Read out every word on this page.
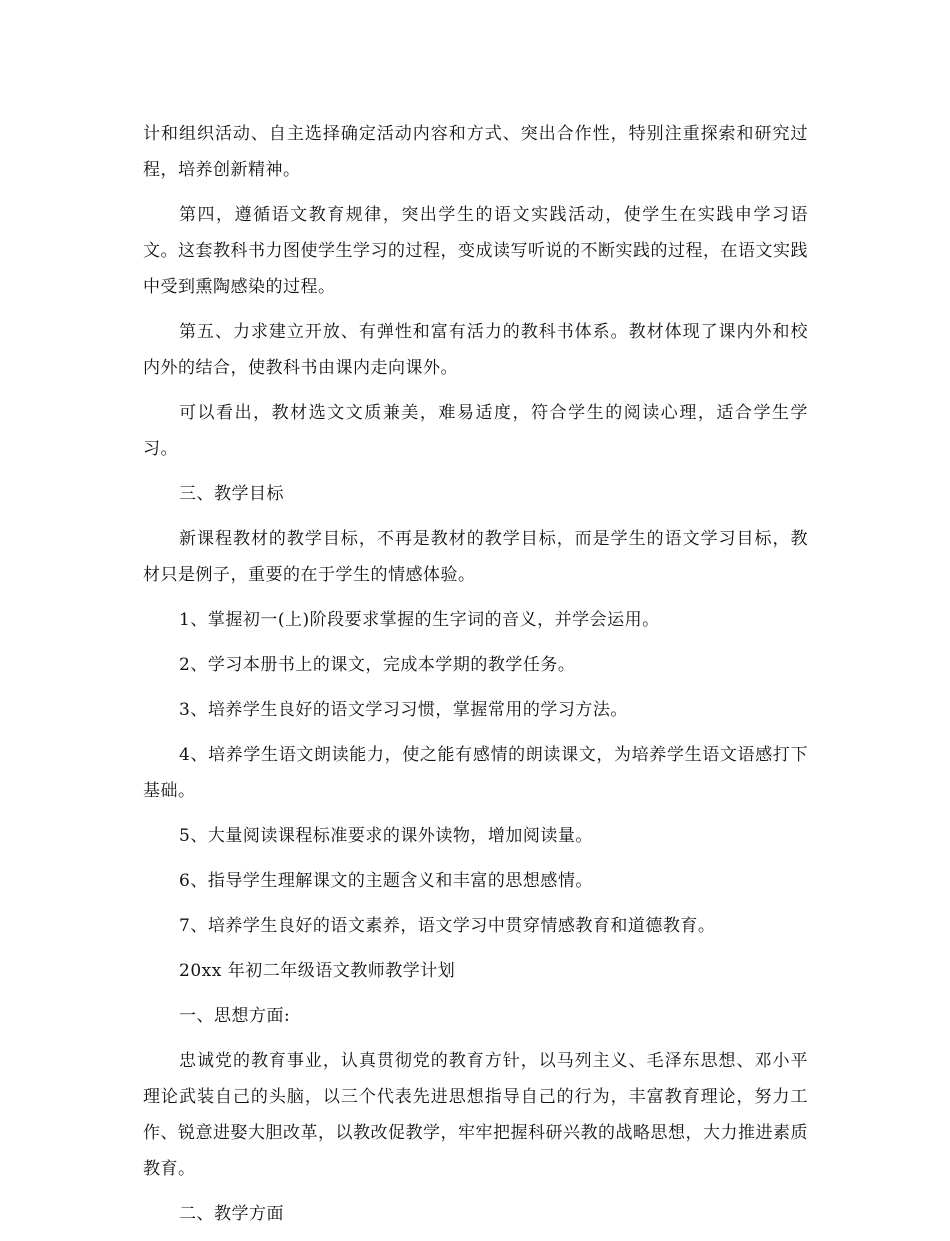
计和组织活动、自主选择确定活动内容和方式、突出合作性，特别注重探索和研究过程，培养创新精神。

第四，遵循语文教育规律，突出学生的语文实践活动，使学生在实践申学习语文。这套教科书力图使学生学习的过程，变成读写听说的不断实践的过程，在语文实践中受到熏陶感染的过程。

第五、力求建立开放、有弹性和富有活力的教科书体系。教材体现了课内外和校内外的结合，使教科书由课内走向课外。

可以看出，教材选文文质兼美，难易适度，符合学生的阅读心理，适合学生学习。

三、教学目标

新课程教材的教学目标，不再是教材的教学目标，而是学生的语文学习目标，教材只是例子，重要的在于学生的情感体验。

1、掌握初一(上)阶段要求掌握的生字词的音义，并学会运用。

2、学习本册书上的课文，完成本学期的教学任务。

3、培养学生良好的语文学习习惯，掌握常用的学习方法。

4、培养学生语文朗读能力，使之能有感情的朗读课文，为培养学生语文语感打下基础。

5、大量阅读课程标准要求的课外读物，增加阅读量。

6、指导学生理解课文的主题含义和丰富的思想感情。

7、培养学生良好的语文素养，语文学习中贯穿情感教育和道德教育。

20xx 年初二年级语文教师教学计划

一、思想方面:

忠诚党的教育事业，认真贯彻党的教育方针，以马列主义、毛泽东思想、邓小平理论武装自己的头脑，以三个代表先进思想指导自己的行为，丰富教育理论，努力工作、锐意进娶大胆改革，以教改促教学，牢牢把握科研兴教的战略思想，大力推进素质教育。

二、教学方面
